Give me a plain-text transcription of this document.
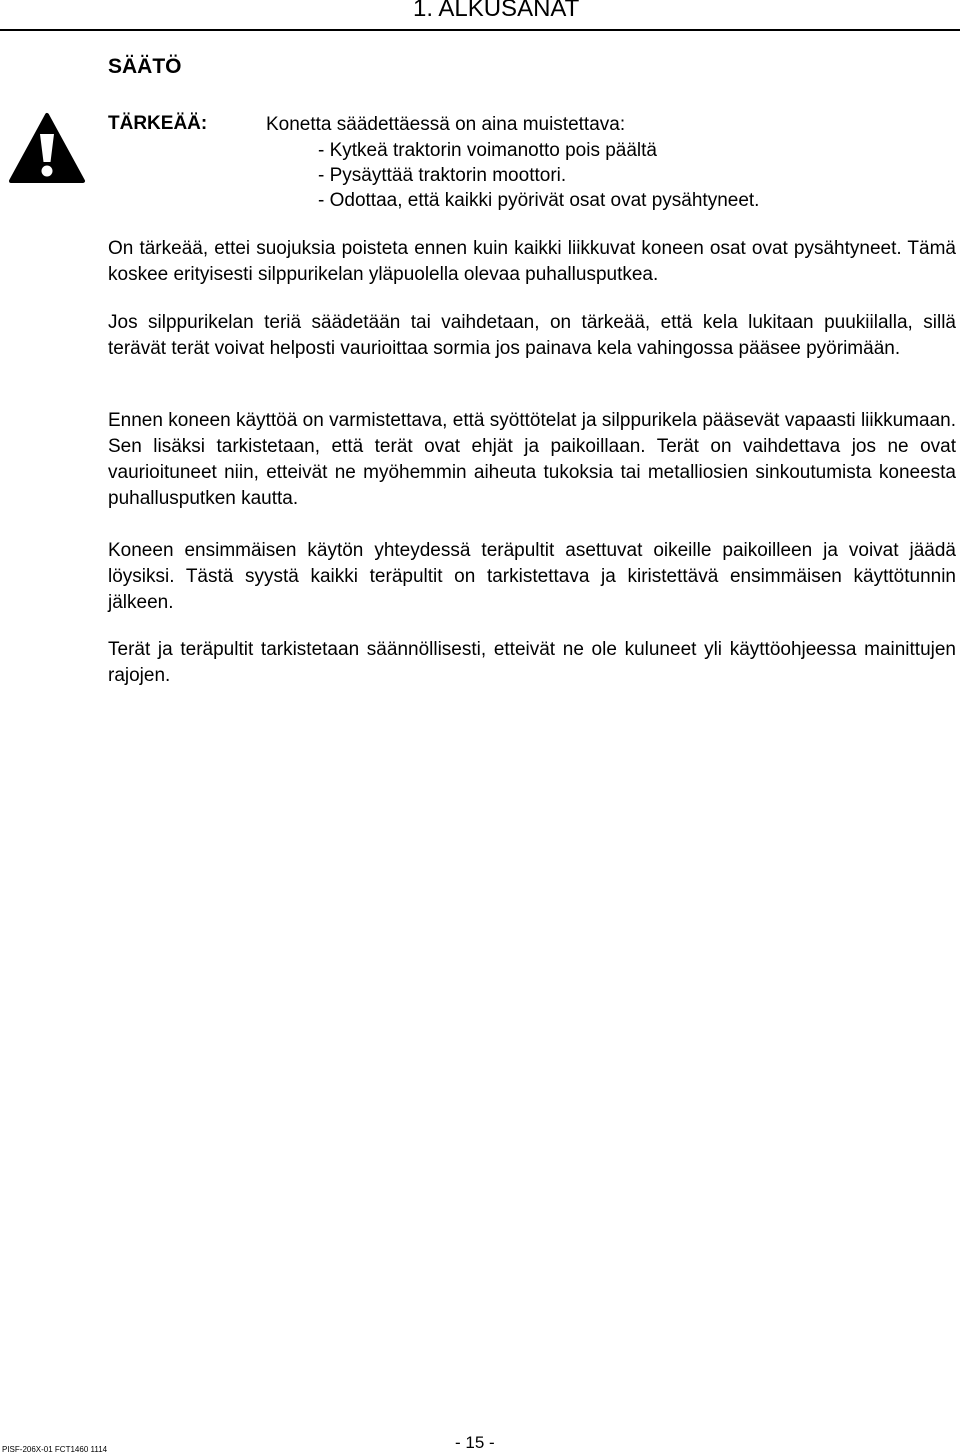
1. ALKUSANAT
SÄÄTÖ
TÄRKEÄÄ:	Konetta säädettäessä on aina muistettava:
- Kytkeä traktorin voimanotto pois päältä
- Pysäyttää traktorin moottori.
- Odottaa, että kaikki pyörivät osat ovat pysähtyneet.

On tärkeää, ettei suojuksia poisteta ennen kuin kaikki liikkuvat koneen osat ovat pysähtyneet. Tämä koskee erityisesti silppurikelan yläpuolella olevaa puhallusputkea.

Jos silppurikelan teriä säädetään tai vaihdetaan, on tärkeää, että kela lukitaan puukiilalla, sillä terävät terät voivat helposti vaurioittaa sormia jos painava kela vahingossa pääsee pyörimään.

Ennen koneen käyttöä on varmistettava, että syöttötelat ja silppurikela pääsevät vapaasti liikkumaan. Sen lisäksi tarkistetaan, että terät ovat ehjät ja paikoillaan. Terät on vaihdettava jos ne ovat vaurioituneet niin, etteivät ne myöhemmin aiheuta tukoksia tai metalliosien sinkoutumista koneesta puhallusputken kautta.

Koneen ensimmäisen käytön yhteydessä teräpultit asettuvat oikeille paikoilleen ja voivat jäädä löysiksi. Tästä syystä kaikki teräpultit on tarkistettava ja kiristettävä ensimmäisen käyttötunnin jälkeen.

Terät ja teräpultit tarkistetaan säännöllisesti, etteivät ne ole kuluneet yli käyttöohjeessa mainittujen rajojen.

- 15 -
PISF-206X-01 FCT1460 1114
